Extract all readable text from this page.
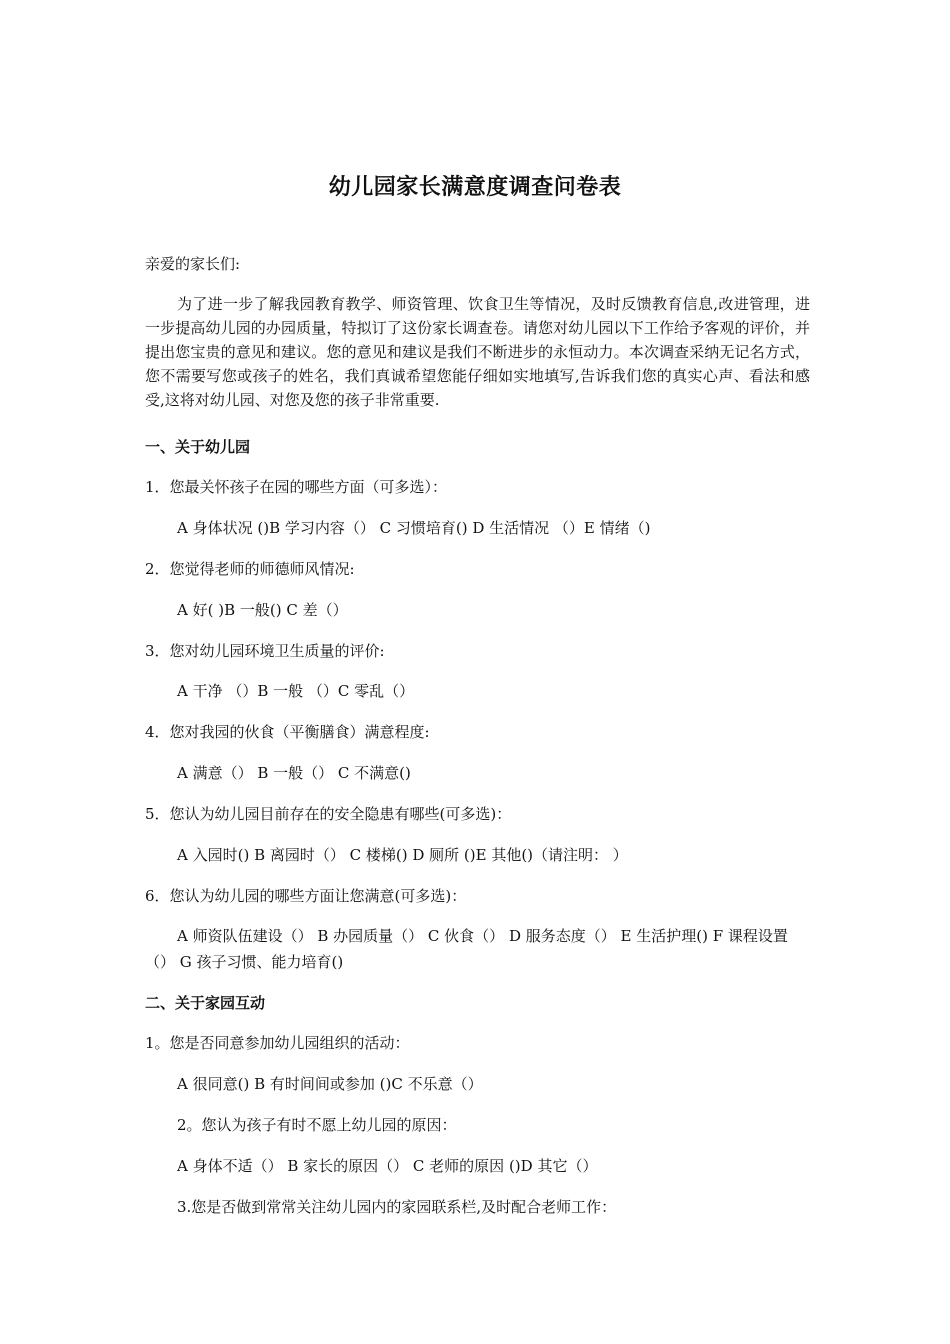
幼儿园家长满意度调查问卷表
亲爱的家长们:
为了进一步了解我园教育教学、师资管理、饮食卫生等情况，及时反馈教育信息,改进管理，进一步提高幼儿园的办园质量，特拟订了这份家长调查卷。请您对幼儿园以下工作给予客观的评价，并提出您宝贵的意见和建议。您的意见和建议是我们不断进步的永恒动力。本次调查采纳无记名方式，您不需要写您或孩子的姓名，我们真诚希望您能仔细如实地填写,告诉我们您的真实心声、看法和感受,这将对幼儿园、对您及您的孩子非常重要.
一、关于幼儿园
1．您最关怀孩子在园的哪些方面（可多选）：
A 身体状况 ()B 学习内容（） C 习惯培育() D 生活情况 （）E 情绪（)
2．您觉得老师的师德师风情况:
A 好( )B 一般() C 差（）
3．您对幼儿园环境卫生质量的评价:
A 干净 （）B 一般 （）C 零乱（）
4．您对我园的伙食（平衡膳食）满意程度:
A 满意（） B 一般（） C 不满意()
5．您认为幼儿园目前存在的安全隐患有哪些(可多选)：
A 入园时() B 离园时（） C 楼梯() D 厕所 ()E 其他()（请注明： ）
6．您认为幼儿园的哪些方面让您满意(可多选)：
A 师资队伍建设（） B 办园质量（） C 伙食（） D 服务态度（） E 生活护理() F 课程设置（） G 孩子习惯、能力培育()
二、关于家园互动
1。您是否同意参加幼儿园组织的活动：
A 很同意() B 有时间间或参加 ()C 不乐意（）
2。您认为孩子有时不愿上幼儿园的原因：
A 身体不适（） B 家长的原因（） C 老师的原因 ()D 其它（）
3.您是否做到常常关注幼儿园内的家园联系栏,及时配合老师工作：
